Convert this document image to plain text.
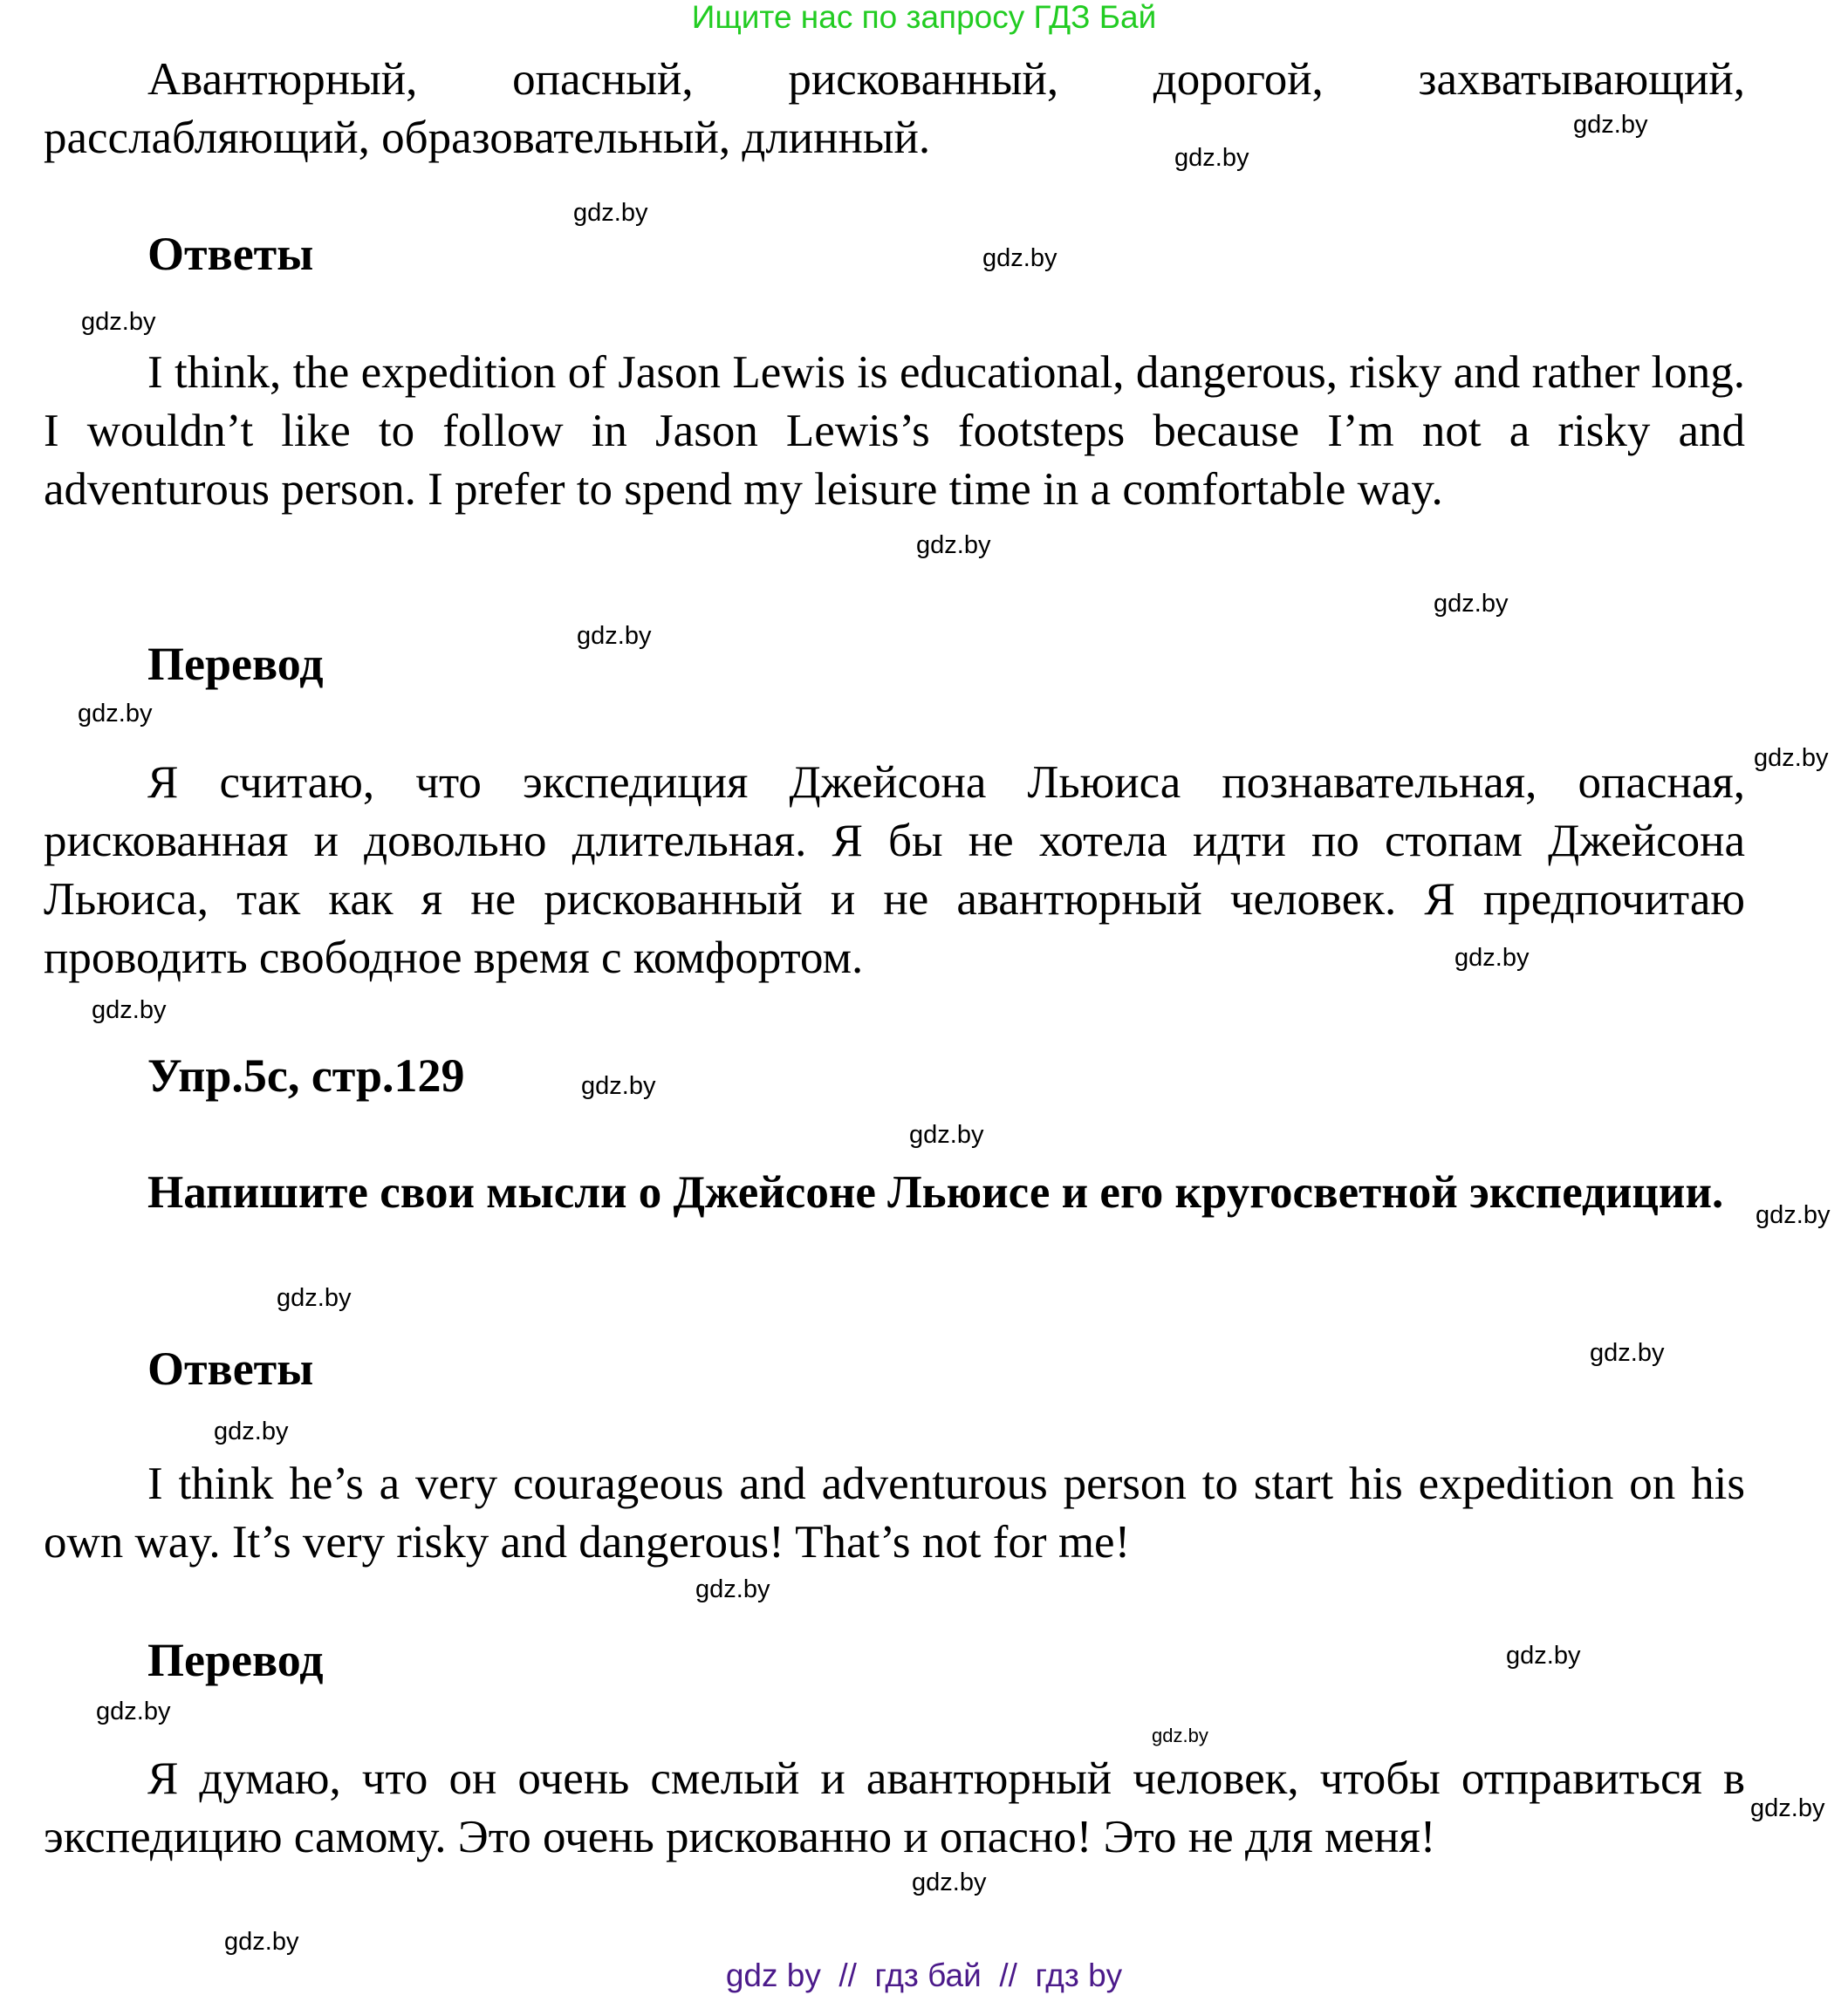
Ищите нас по запросу ГДЗ Бай

Авантюрный, опасный, рискованный, дорогой, захватывающий, расслабляющий, образовательный, длинный.

Ответы

I think, the expedition of Jason Lewis is educational, dangerous, risky and rather long. I wouldn’t like to follow in Jason Lewis’s footsteps because I’m not a risky and adventurous person. I prefer to spend my leisure time in a comfortable way.

Перевод

Я считаю, что экспедиция Джейсона Льюиса познавательная, опасная, рискованная и довольно длительная. Я бы не хотела идти по стопам Джейсона Льюиса, так как я не рискованный и не авантюрный человек. Я предпочитаю проводить свободное время с комфортом.

Упр.5с, стр.129

Напишите свои мысли о Джейсоне Льюисе и его кругосветной экспедиции.

Ответы

I think he’s a very courageous and adventurous person to start his expedition on his own way. It’s very risky and dangerous! That’s not for me!

Перевод

Я думаю, что он очень смелый и авантюрный человек, чтобы отправиться в экспедицию самому. Это очень рискованно и опасно! Это не для меня!

gdz.by
gdz.by
gdz.by
gdz.by
gdz.by
gdz.by
gdz.by
gdz.by
gdz.by
gdz.by
gdz.by
gdz.by
gdz.by
gdz.by
gdz.by
gdz.by
gdz.by
gdz.by
gdz.by
gdz.by
gdz.by
gdz.by
gdz.by
gdz.by
gdz.by
gdz by  //  гдз бай  //  гдз by
